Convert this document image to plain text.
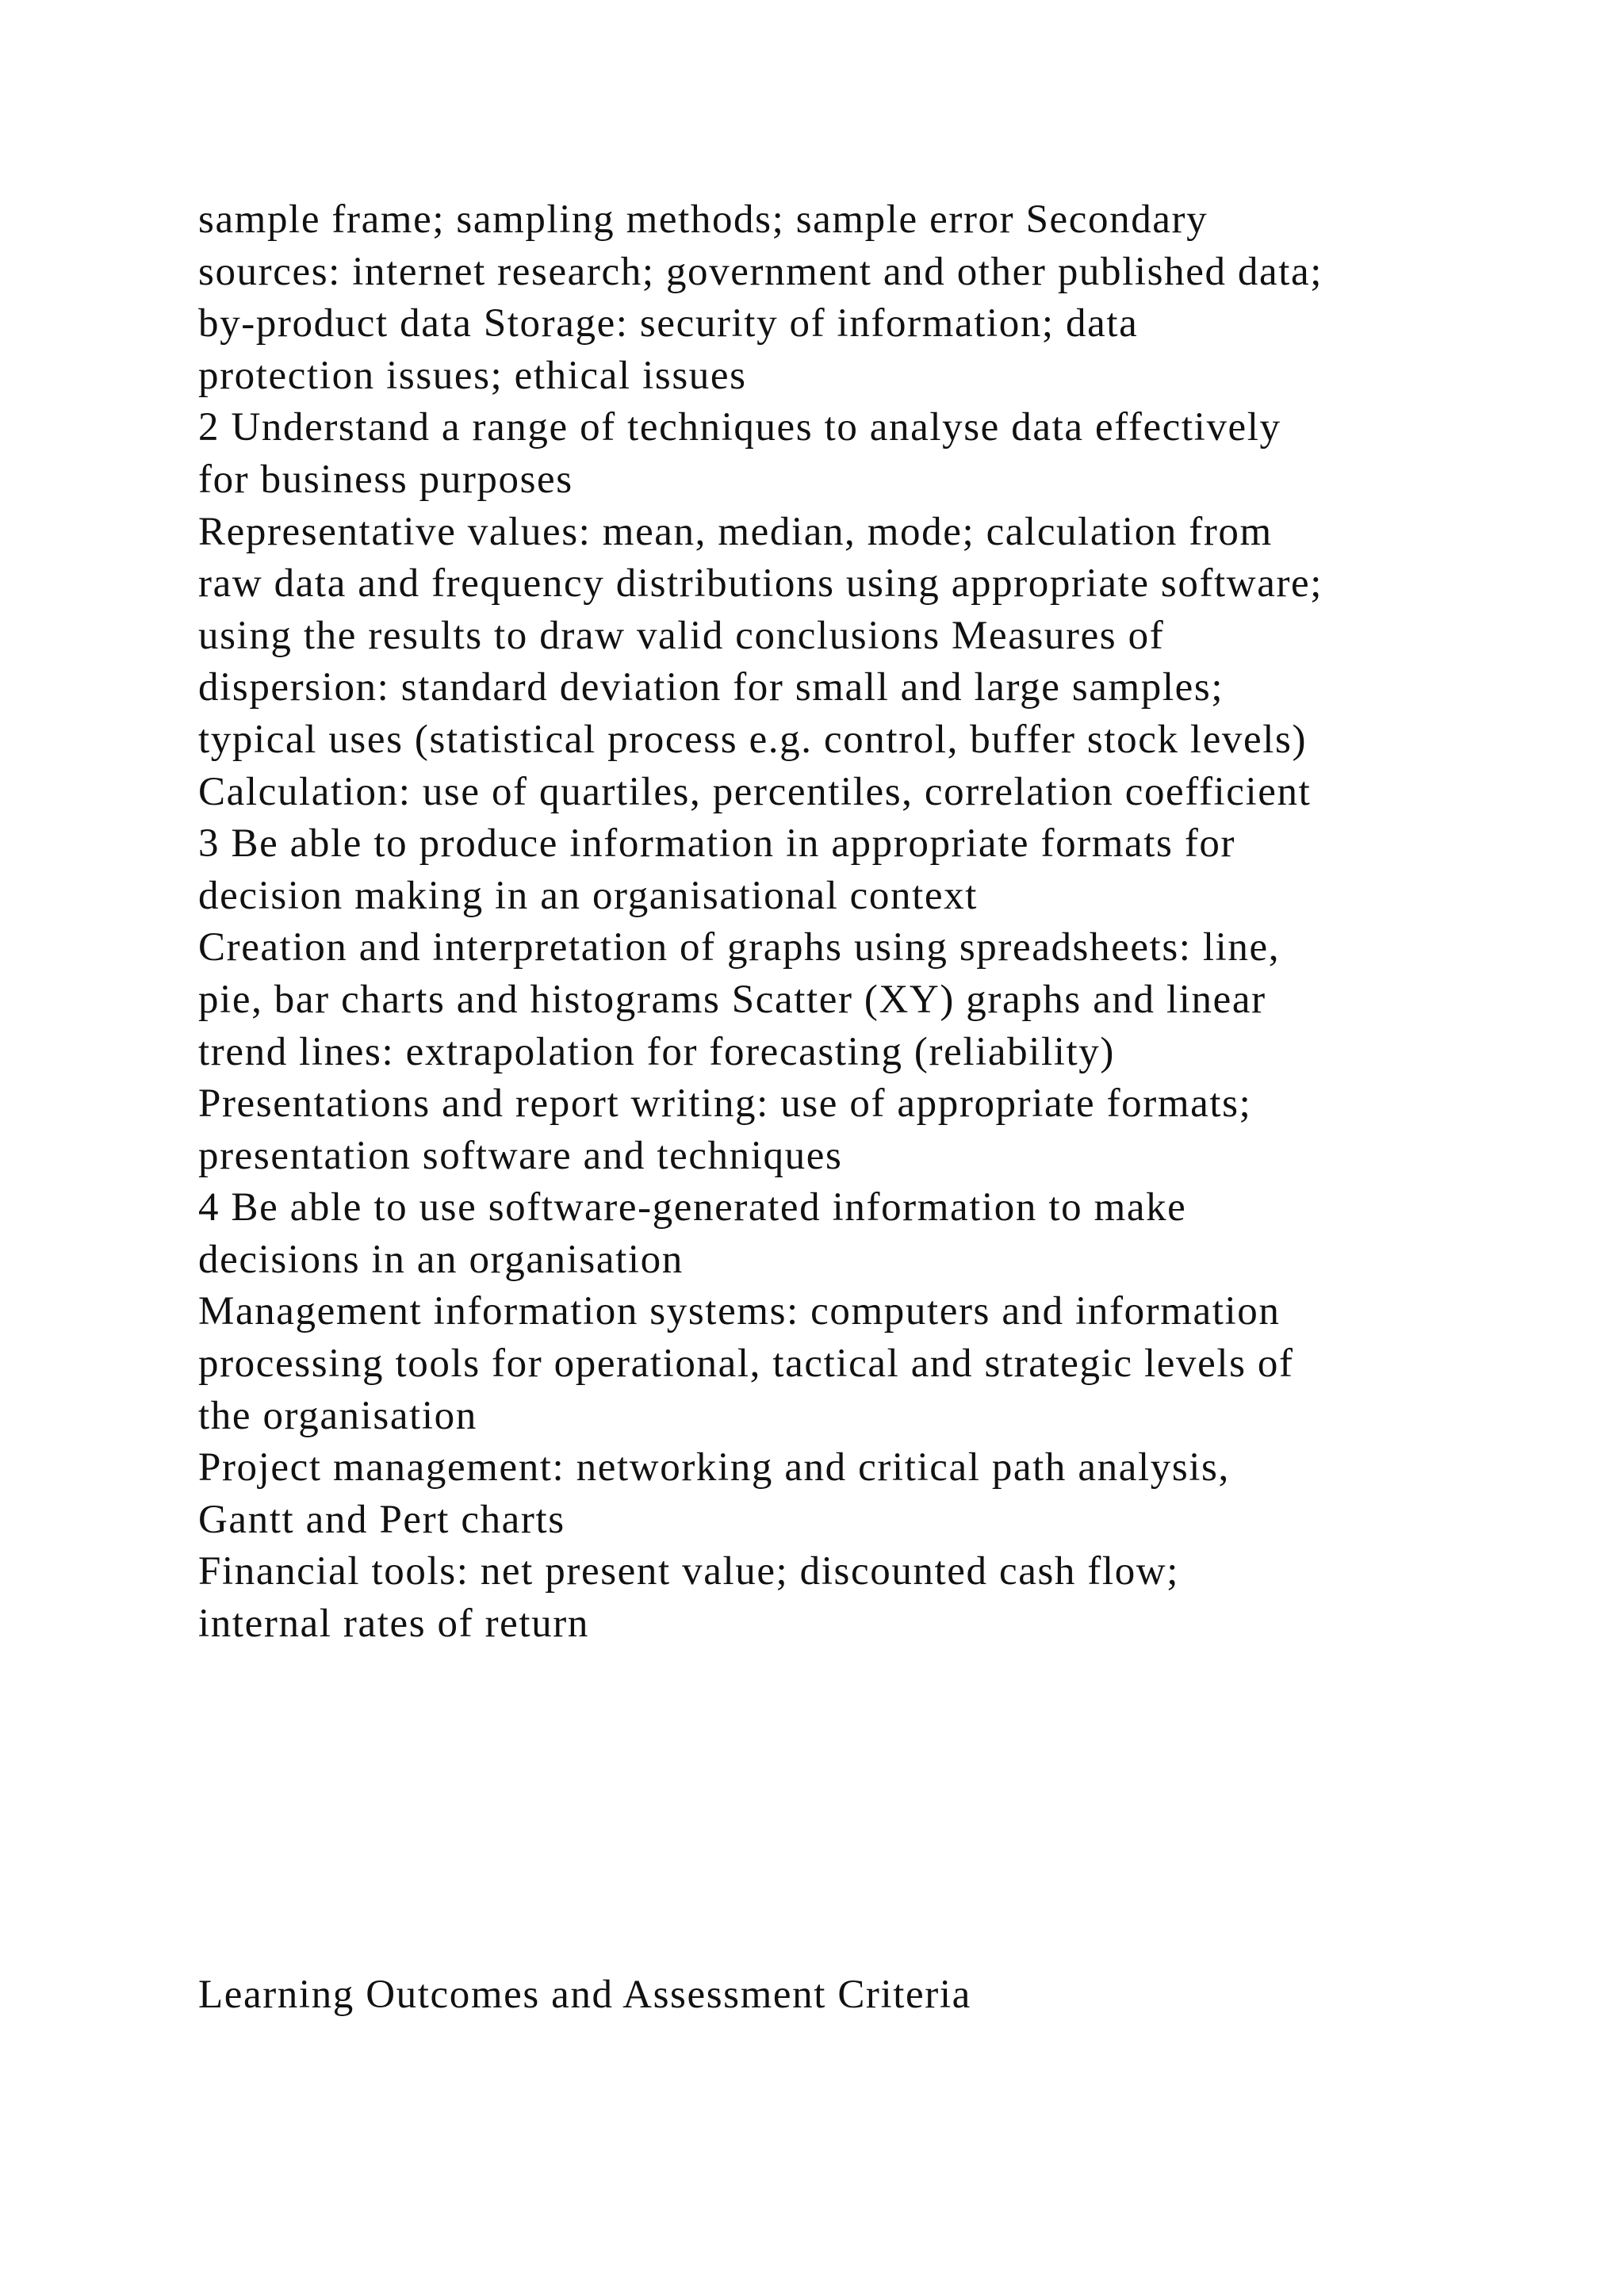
sample frame; sampling methods; sample error Secondary
sources: internet research; government and other published data;
by-product data Storage: security of information; data
protection issues; ethical issues
2 Understand a range of techniques to analyse data effectively
for business purposes
Representative values: mean, median, mode; calculation from
raw data and frequency distributions using appropriate software;
using the results to draw valid conclusions Measures of
dispersion: standard deviation for small and large samples;
typical uses (statistical process e.g. control, buffer stock levels)
Calculation: use of quartiles, percentiles, correlation coefficient
3 Be able to produce information in appropriate formats for
decision making in an organisational context
Creation and interpretation of graphs using spreadsheets: line,
pie, bar charts and histograms Scatter (XY) graphs and linear
trend lines: extrapolation for forecasting (reliability)
Presentations and report writing: use of appropriate formats;
presentation software and techniques
4 Be able to use software-generated information to make
decisions in an organisation
Management information systems: computers and information
processing tools for operational, tactical and strategic levels of
the organisation
Project management: networking and critical path analysis,
Gantt and Pert charts
Financial tools: net present value; discounted cash flow;
internal rates of return
Learning Outcomes and Assessment Criteria
